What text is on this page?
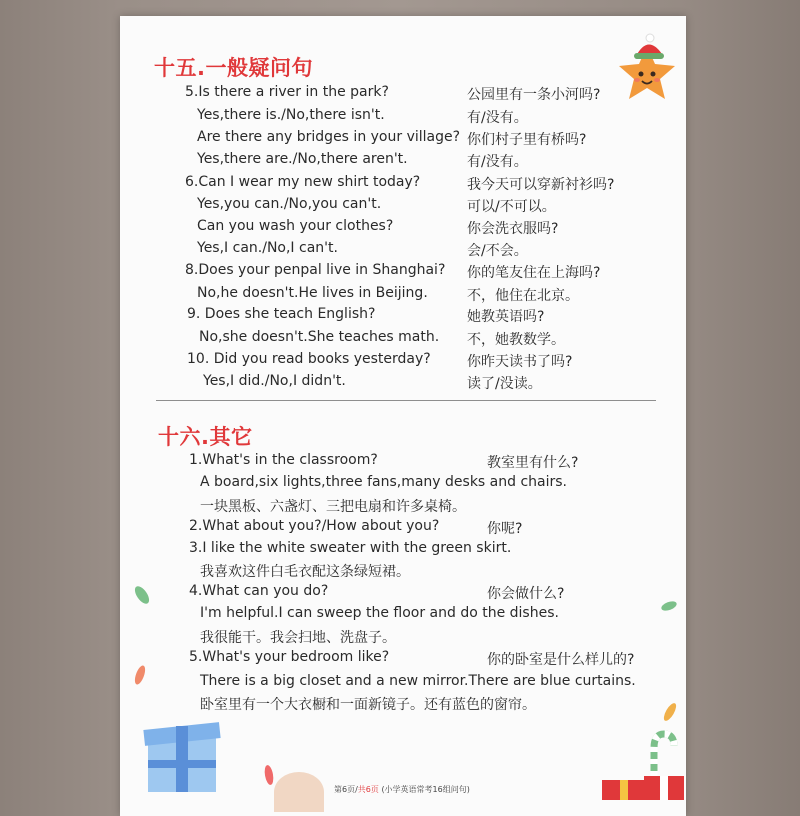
十五.一般疑问句
5.Is there a river in the park?	公园里有一条小河吗?
Yes,there is./No,there isn't.	有/没有。
Are there any bridges in your village? 你们村子里有桥吗?
Yes,there are./No,there aren't.	有/没有。
6.Can I wear my new shirt today?	我今天可以穿新衬衫吗?
Yes,you can./No,you can't.	可以/不可以。
Can you wash your clothes?	你会洗衣服吗?
Yes,I can./No,I can't.	会/不会。
8.Does your penpal live in Shanghai? 你的笔友住在上海吗?
No,he doesn't.He lives in Beijing.	不，他住在北京。
9. Does she teach English?	她教英语吗?
No,she doesn't.She teaches math. 不，她教数学。
10. Did you read books yesterday?	你昨天读书了吗?
Yes,I did./No,I didn't.	读了/没读。
十六.其它
1.What's in the classroom?	教室里有什么?
A board,six lights,three fans,many desks and chairs.
一块黑板、六盏灯、三把电扇和许多桌椅。
2.What about you?/How about you?	你呢?
3.I like the white sweater with the green skirt.
我喜欢这件白毛衣配这条绿短裙。
4.What can you do?	你会做什么?
I'm helpful.I can sweep the floor and do the dishes.
我很能干。我会扫地、洗盘子。
5.What's your bedroom like?	你的卧室是什么样儿的?
There is a big closet and a new mirror.There are blue curtains.
卧室里有一个大衣橱和一面新镜子。还有蓝色的窗帘。
第6页/共6页 (小学英语常考16组问句)
